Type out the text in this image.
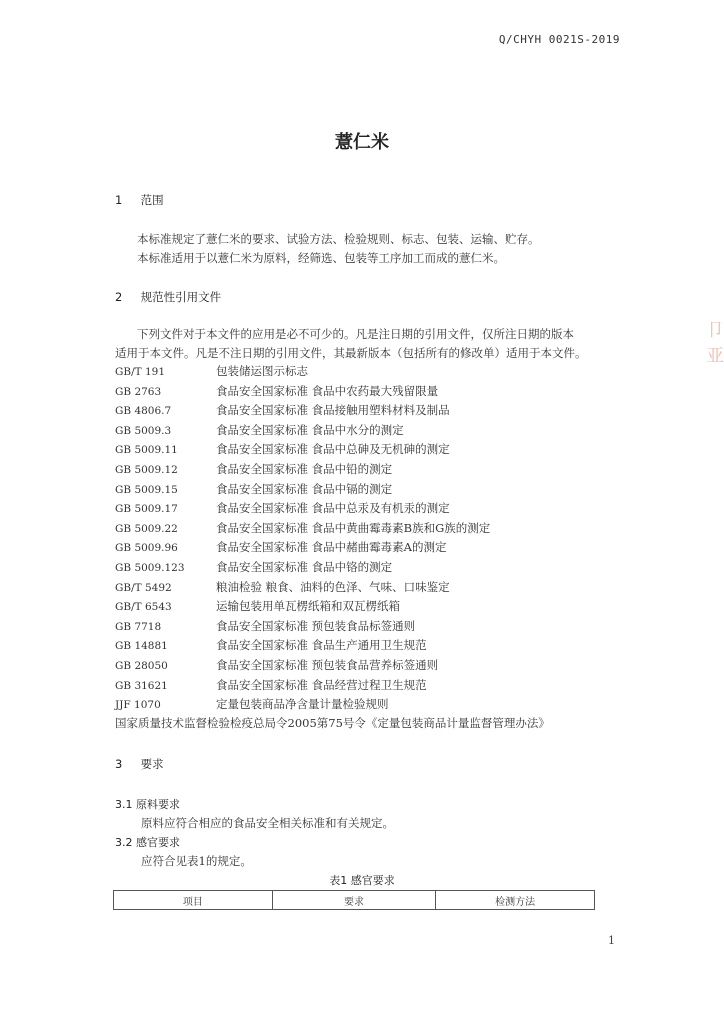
Q/CHYH 0021S-2019
薏仁米
1 范围
本标准规定了薏仁米的要求、试验方法、检验规则、标志、包装、运输、贮存。
本标准适用于以薏仁米为原料，经筛选、包装等工序加工而成的薏仁米。
2 规范性引用文件
下列文件对于本文件的应用是必不可少的。凡是注日期的引用文件，仅所注日期的版本
适用于本文件。凡是不注日期的引用文件，其最新版本（包括所有的修改单）适用于本文件。
GB/T 191	包装储运图示标志
GB 2763	食品安全国家标准 食品中农药最大残留限量
GB 4806.7	食品安全国家标准 食品接触用塑料材料及制品
GB 5009.3	食品安全国家标准 食品中水分的测定
GB 5009.11	食品安全国家标准 食品中总砷及无机砷的测定
GB 5009.12	食品安全国家标准 食品中铅的测定
GB 5009.15	食品安全国家标准 食品中镉的测定
GB 5009.17	食品安全国家标准 食品中总汞及有机汞的测定
GB 5009.22	食品安全国家标准 食品中黄曲霉毒素B族和G族的测定
GB 5009.96	食品安全国家标准 食品中赭曲霉毒素A的测定
GB 5009.123	食品安全国家标准 食品中铬的测定
GB/T 5492	粮油检验 粮食、油料的色泽、气味、口味鉴定
GB/T 6543	运输包装用单瓦楞纸箱和双瓦楞纸箱
GB 7718	食品安全国家标准 预包装食品标签通则
GB 14881	食品安全国家标准 食品生产通用卫生规范
GB 28050	食品安全国家标准 预包装食品营养标签通则
GB 31621	食品安全国家标准 食品经营过程卫生规范
JJF 1070	定量包装商品净含量计量检验规则
国家质量技术监督检验检疫总局令2005第75号令《定量包装商品计量监督管理办法》
3 要求
3.1 原料要求
原料应符合相应的食品安全相关标准和有关规定。
3.2 感官要求
应符合见表1的规定。
表1 感官要求
项目	要求	检测方法
1
卩
亚
